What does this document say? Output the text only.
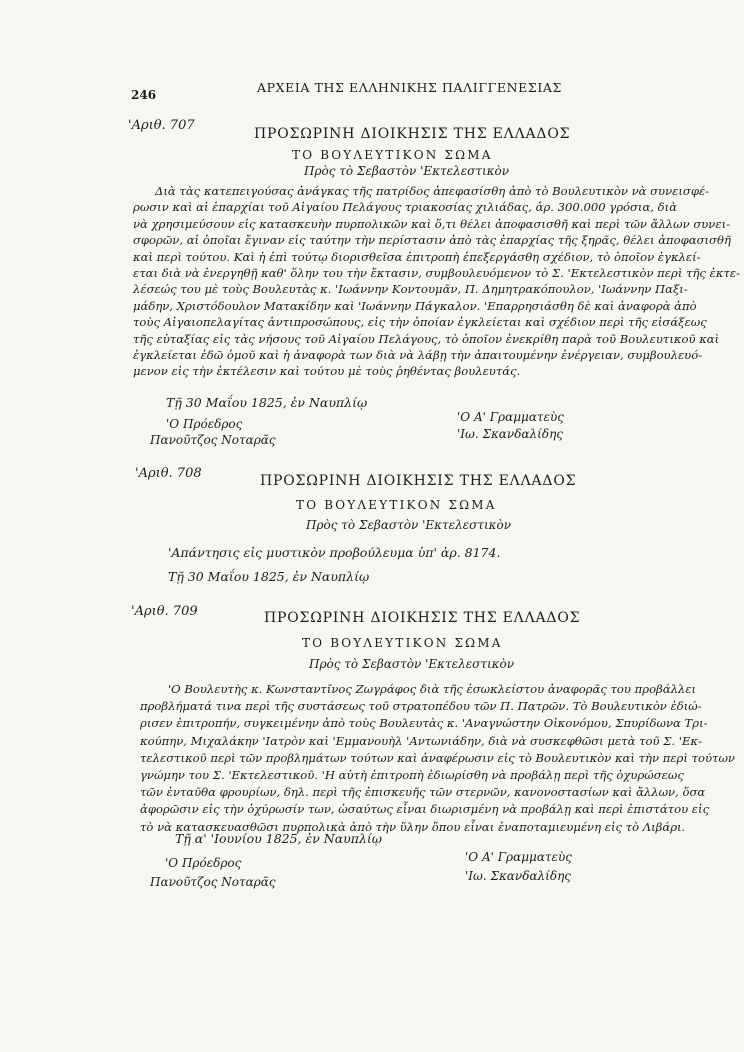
246	ΑΡΧΕΙΑ ΤΗΣ ΕΛΛΗΝΙΚΗΣ ΠΑΛΙΓΓΕΝΕΣΙΑΣ
'Αριθ. 707
ΠΡΟΣΩΡΙΝΗ ΔΙΟΙΚΗΣΙΣ ΤΗΣ ΕΛΛΑΔΟΣ
ΤΟ ΒΟΥΛΕΥΤΙΚΟΝ ΣΩΜΑ
Πρὸς τὸ Σεβαστὸν 'Εκτελεστικὸν
Διὰ τὰς κατεπειγούσας ἀνάγκας τῆς πατρίδος ἀπεφασίσθη ἀπὸ τὸ Βουλευτικὸν νὰ συνεισφέ-
ρωσιν καὶ αἱ ἐπαρχίαι τοῦ Αἰγαίου Πελάγους τριακοσίας χιλιάδας, ἀρ. 300.000 γρόσια, διὰ
νὰ χρησιμεύσουν εἰς κατασκευὴν πυρπολικῶν καὶ ὅ,τι θέλει ἀποφασισθῆ καὶ περὶ τῶν ἄλλων συνει-
σφορῶν, αἱ ὁποῖαι ἔγιναν εἰς ταύτην τὴν περίστασιν ἀπὸ τὰς ἐπαρχίας τῆς ξηρᾶς, θέλει ἀποφασισθῆ
καὶ περὶ τούτου. Καὶ ἡ ἐπὶ τούτῳ διορισθεῖσα ἐπιτροπὴ ἐπεξεργάσθη σχέδιον, τὸ ὁποῖον ἐγκλεί-
εται διὰ νὰ ἐνεργηθῇ καθ' ὅλην του τὴν ἔκτασιν, συμβουλευόμενον τὸ Σ. 'Εκτελεστικὸν περὶ τῆς ἐκτε-
λέσεώς του μὲ τοὺς Βουλευτὰς κ. 'Ιωάννην Κοντουμᾶν, Π. Δημητρακόπουλον, 'Ιωάννην Παξι-
μάδην, Χριστόδουλον Ματακίδην καὶ 'Ιωάννην Πάγκαλον. 'Επαρρησιάσθη δὲ καὶ ἀναφορὰ ἀπὸ
τοὺς Αἰγαιοπελαγίτας ἀντιπροσώπους, εἰς τὴν ὁποίαν ἐγκλείεται καὶ σχέδιον περὶ τῆς εἰσάξεως
τῆς εὐταξίας εἰς τὰς νήσους τοῦ Αἰγαίου Πελάγους, τὸ ὁποῖον ἐνεκρίθη παρὰ τοῦ Βουλευτικοῦ καὶ
ἐγκλείεται ἐδῶ ὁμοῦ καὶ ἡ ἀναφορὰ των διὰ νὰ λάβῃ τὴν ἀπαιτουμένην ἐνέργειαν, συμβουλευό-
μενον εἰς τὴν ἐκτέλεσιν καὶ τούτου μὲ τοὺς ῥηθέντας βουλευτάς.
Τῇ 30 Μαΐου 1825, ἐν Ναυπλίῳ
'Ο Πρόεδρος
Πανοῦτζος Νοταρᾶς
'Ο Α' Γραμματεὺς
'Ιω. Σκανδαλίδης
'Αριθ. 708	ΠΡΟΣΩΡΙΝΗ ΔΙΟΙΚΗΣΙΣ ΤΗΣ ΕΛΛΑΔΟΣ
ΤΟ ΒΟΥΛΕΥΤΙΚΟΝ ΣΩΜΑ
Πρὸς τὸ Σεβαστὸν 'Εκτελεστικὸν
'Απάντησις εἰς μυστικὸν προβούλευμα ὑπ' ἀρ. 8174.
Τῇ 30 Μαΐου 1825, ἐν Ναυπλίῳ
'Αριθ. 709	ΠΡΟΣΩΡΙΝΗ ΔΙΟΙΚΗΣΙΣ ΤΗΣ ΕΛΛΑΔΟΣ
ΤΟ ΒΟΥΛΕΥΤΙΚΟΝ ΣΩΜΑ
Πρὸς τὸ Σεβαστὸν 'Εκτελεστικὸν
'Ο Βουλευτὴς κ. Κωνσταντῖνος Ζωγράφος διὰ τῆς ἐσωκλείστου ἀναφορᾶς του προβάλλει
προβλήματά τινα περὶ τῆς συστάσεως τοῦ στρατοπέδου τῶν Π. Πατρῶν. Τὸ Βουλευτικὸν ἐδιώ-
ρισεν ἐπιτροπήν, συγκειμένην ἀπὸ τοὺς Βουλευτὰς κ. 'Αναγνώστην Οἰκονόμου, Σπυρίδωνα Τρι-
κούπην, Μιχαλάκην 'Ιατρὸν καὶ 'Εμμανουὴλ 'Αντωνιάδην, διὰ νὰ συσκεφθῶσι μετὰ τοῦ Σ. 'Εκ-
τελεστικοῦ περὶ τῶν προβλημάτων τούτων καὶ ἀναφέρωσιν εἰς τὸ Βουλευτικὸν καὶ τὴν περὶ τούτων
γνώμην του Σ. 'Εκτελεστικοῦ. 'Η αὐτὴ ἐπιτροπὴ ἐδιωρίσθη νὰ προβάλῃ περὶ τῆς ὀχυρώσεως
τῶν ἐνταῦθα φρουρίων, δηλ. περὶ τῆς ἐπισκευῆς τῶν στερνῶν, κανονοστασίων καὶ ἄλλων, ὅσα
ἀφορῶσιν εἰς τὴν ὀχύρωσίν των, ὡσαύτως εἶναι διωρισμένη νὰ προβάλῃ καὶ περὶ ἐπιστάτου εἰς
τὸ νὰ κατασκευασθῶσι πυρπολικὰ ἀπὸ τὴν ὕλην ὅπου εἶναι ἐναποταμιευμένη εἰς τὸ Λιβάρι.
Τῇ α' 'Ιουνίου 1825, ἐν Ναυπλίῳ
'Ο Πρόεδρος
Πανοῦτζος Νοταρᾶς
'Ο Α' Γραμματεὺς
'Ιω. Σκανδαλίδης
